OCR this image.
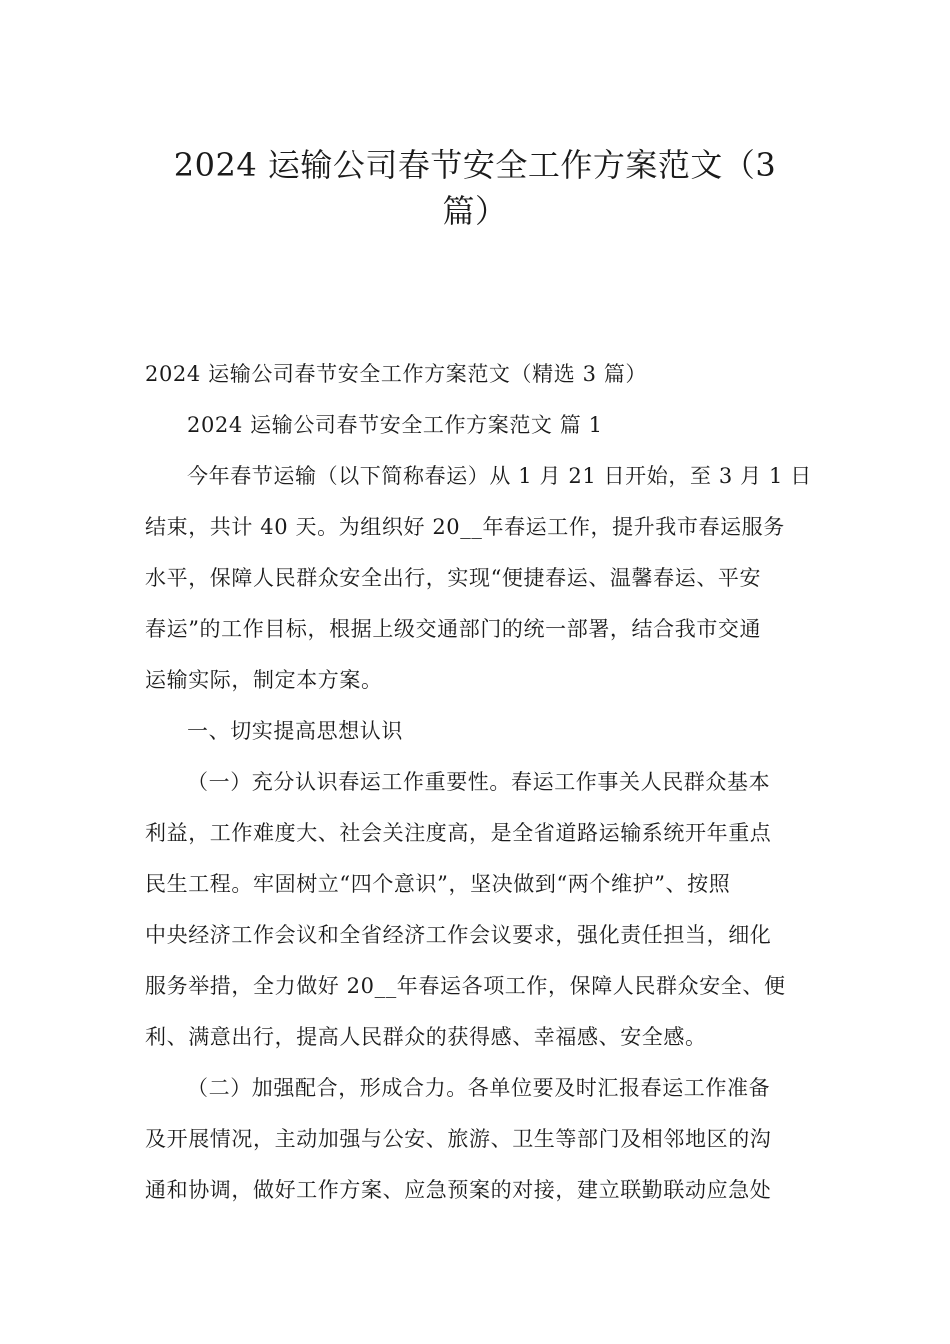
2024 运输公司春节安全工作方案范文（3
篇）

2024 运输公司春节安全工作方案范文（精选 3 篇）

2024 运输公司春节安全工作方案范文 篇 1

今年春节运输（以下简称春运）从 1 月 21 日开始，至 3 月 1 日
结束，共计 40 天。为组织好 20__年春运工作，提升我市春运服务
水平，保障人民群众安全出行，实现“便捷春运、温馨春运、平安
春运”的工作目标，根据上级交通部门的统一部署，结合我市交通
运输实际，制定本方案。

一、切实提高思想认识

（一）充分认识春运工作重要性。春运工作事关人民群众基本
利益，工作难度大、社会关注度高，是全省道路运输系统开年重点
民生工程。牢固树立“四个意识”，坚决做到“两个维护”、按照
中央经济工作会议和全省经济工作会议要求，强化责任担当，细化
服务举措，全力做好 20__年春运各项工作，保障人民群众安全、便
利、满意出行，提高人民群众的获得感、幸福感、安全感。
（二）加强配合，形成合力。各单位要及时汇报春运工作准备
及开展情况，主动加强与公安、旅游、卫生等部门及相邻地区的沟
通和协调，做好工作方案、应急预案的对接，建立联勤联动应急处
